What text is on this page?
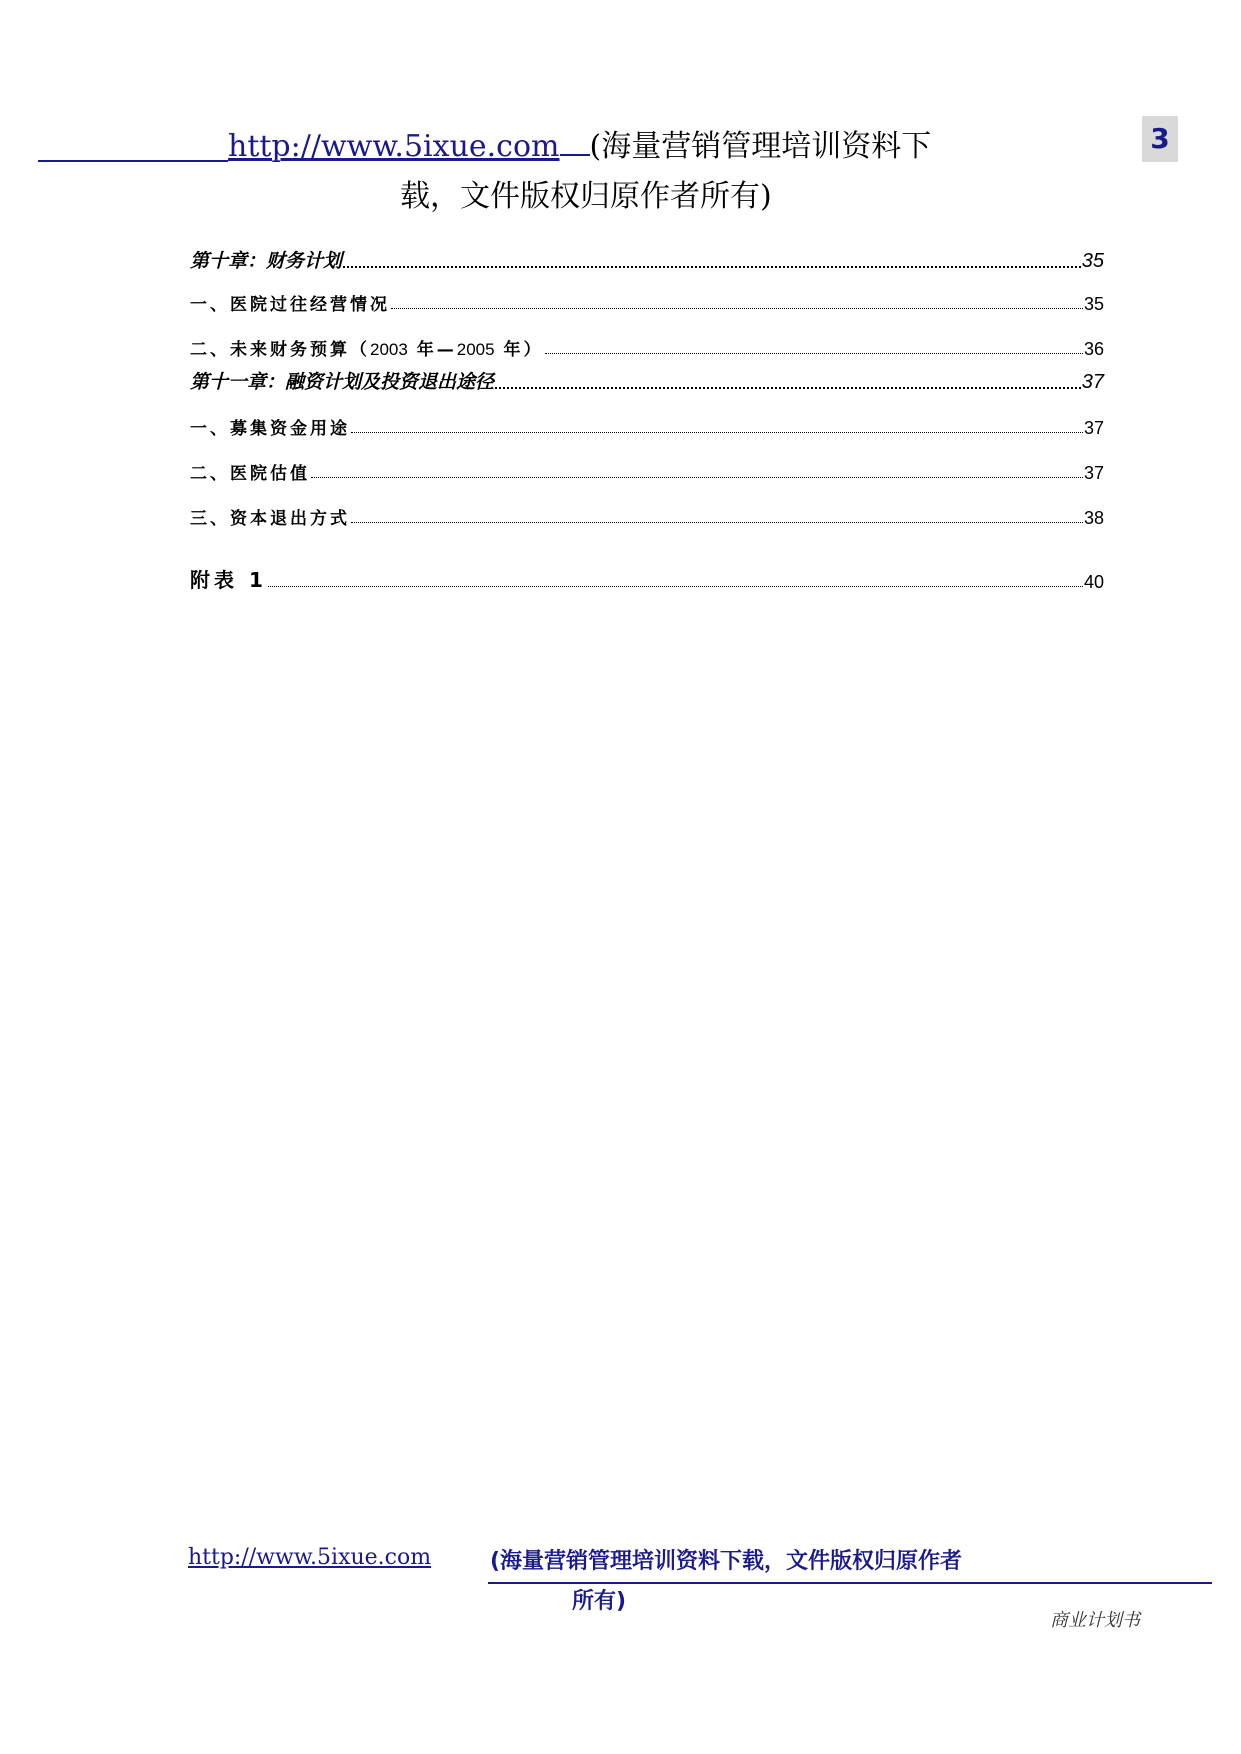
http://www.5ixue.com (海量营销管理培训资料下
载，文件版权归原作者所有)
3
第十章：财务计划	35
一、医院过往经营情况	35
二、未来财务预算（2003 年—2005 年）	36
第十一章：融资计划及投资退出途径	37
一、募集资金用途	37
二、医院估值	37
三、资本退出方式	38
附表 1	40
http://www.5ixue.com	(海量营销管理培训资料下载，文件版权归原作者
所有)
商业计划书
